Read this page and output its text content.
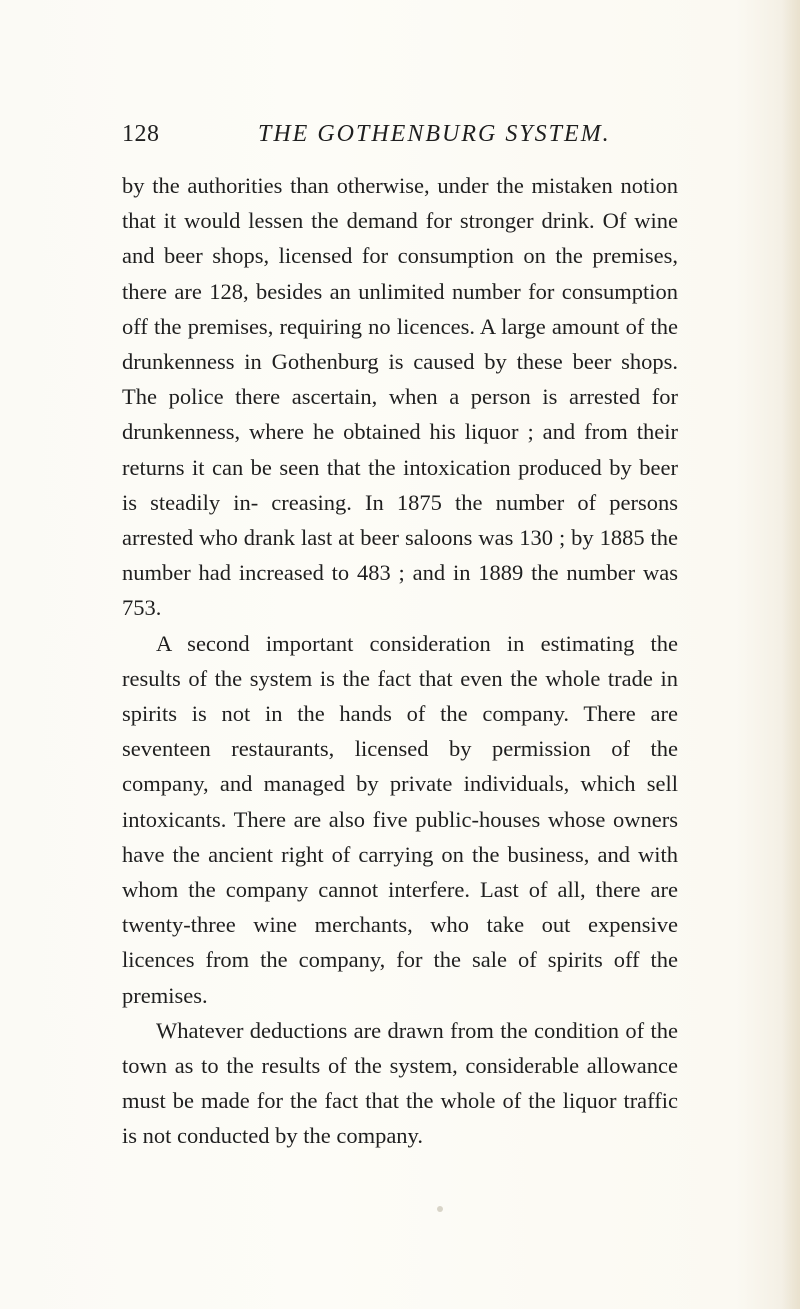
128	THE GOTHENBURG SYSTEM.

by the authorities than otherwise, under the mistaken notion that it would lessen the demand for stronger drink. Of wine and beer shops, licensed for consumption on the premises, there are 128, besides an unlimited number for consumption off the premises, requiring no licences. A large amount of the drunkenness in Gothenburg is caused by these beer shops. The police there ascertain, when a person is arrested for drunkenness, where he obtained his liquor ; and from their returns it can be seen that the intoxication produced by beer is steadily in- creasing. In 1875 the number of persons arrested who drank last at beer saloons was 130 ; by 1885 the number had increased to 483 ; and in 1889 the number was 753.

A second important consideration in estimating the results of the system is the fact that even the whole trade in spirits is not in the hands of the company. There are seventeen restaurants, licensed by permission of the company, and managed by private individuals, which sell intoxicants. There are also five public-houses whose owners have the ancient right of carrying on the business, and with whom the company cannot interfere. Last of all, there are twenty-three wine merchants, who take out expensive licences from the company, for the sale of spirits off the premises.

Whatever deductions are drawn from the condition of the town as to the results of the system, considerable allowance must be made for the fact that the whole of the liquor traffic is not conducted by the company.
